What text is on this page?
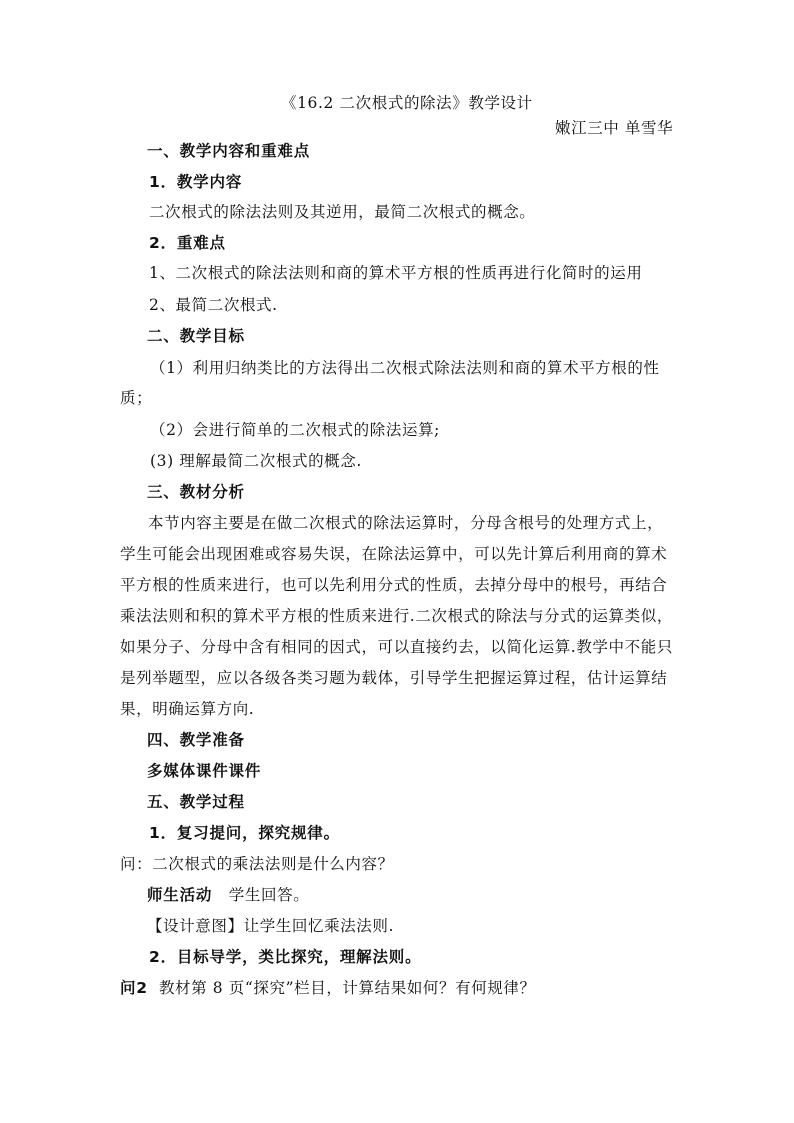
《16.2 二次根式的除法》教学设计
嫩江三中 单雪华
一、教学内容和重难点
1．教学内容
二次根式的除法法则及其逆用，最简二次根式的概念。
2．重难点
1、二次根式的除法法则和商的算术平方根的性质再进行化简时的运用
2、最简二次根式.
二、教学目标
（1）利用归纳类比的方法得出二次根式除法法则和商的算术平方根的性
质；
（2）会进行简单的二次根式的除法运算;
(3) 理解最简二次根式的概念.
三、教材分析
本节内容主要是在做二次根式的除法运算时，分母含根号的处理方式上，
学生可能会出现困难或容易失误，在除法运算中，可以先计算后利用商的算术
平方根的性质来进行，也可以先利用分式的性质，去掉分母中的根号，再结合
乘法法则和积的算术平方根的性质来进行.二次根式的除法与分式的运算类似，
如果分子、分母中含有相同的因式，可以直接约去，以简化运算.教学中不能只
是列举题型，应以各级各类习题为载体，引导学生把握运算过程，估计运算结
果，明确运算方向.
四、教学准备
多媒体课件课件
五、教学过程
1．复习提问，探究规律。
问：二次根式的乘法法则是什么内容？
师生活动 学生回答。
【设计意图】让学生回忆乘法法则.
2．目标导学，类比探究，理解法则。
问2 教材第 8 页“探究”栏目，计算结果如何？有何规律？
